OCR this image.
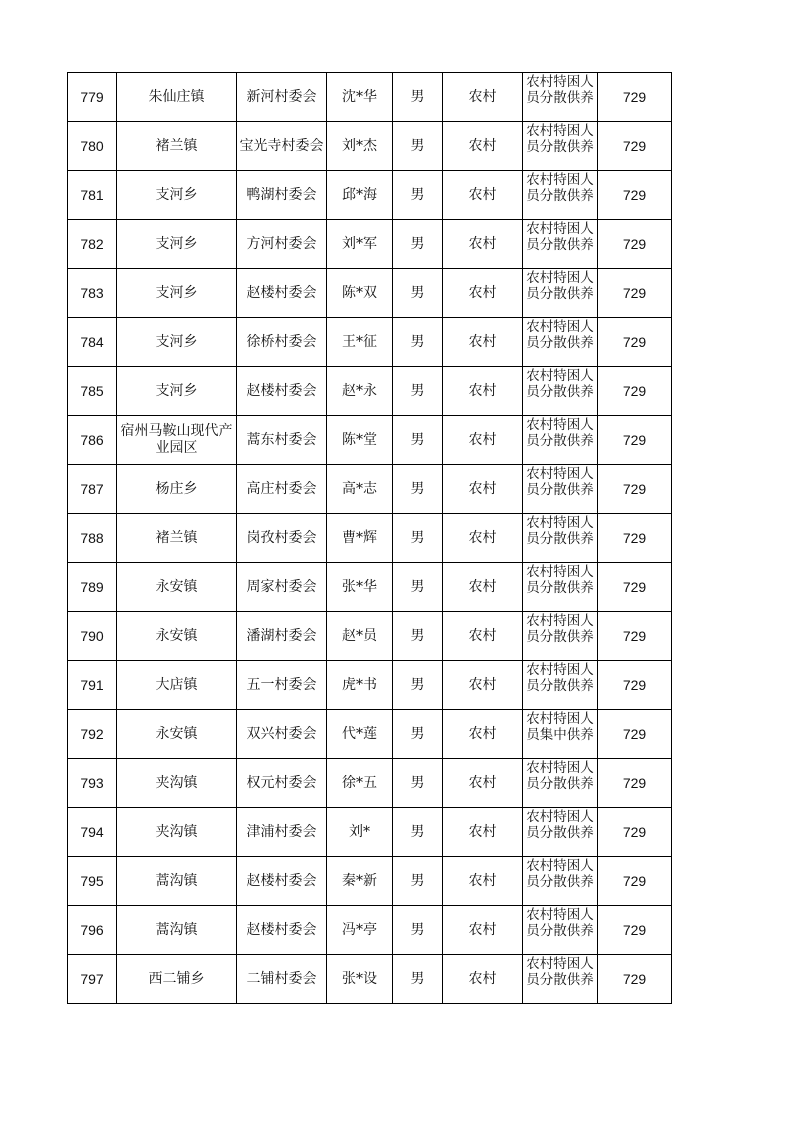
779	朱仙庄镇	新河村委会	沈*华	男	农村	农村特困人员分散供养	729
780	褚兰镇	宝光寺村委会	刘*杰	男	农村	农村特困人员分散供养	729
781	支河乡	鸭湖村委会	邱*海	男	农村	农村特困人员分散供养	729
782	支河乡	方河村委会	刘*军	男	农村	农村特困人员分散供养	729
783	支河乡	赵楼村委会	陈*双	男	农村	农村特困人员分散供养	729
784	支河乡	徐桥村委会	王*征	男	农村	农村特困人员分散供养	729
785	支河乡	赵楼村委会	赵*永	男	农村	农村特困人员分散供养	729
786	宿州马鞍山现代产业园区	蒿东村委会	陈*堂	男	农村	农村特困人员分散供养	729
787	杨庄乡	高庄村委会	高*志	男	农村	农村特困人员分散供养	729
788	褚兰镇	岗孜村委会	曹*辉	男	农村	农村特困人员分散供养	729
789	永安镇	周家村委会	张*华	男	农村	农村特困人员分散供养	729
790	永安镇	潘湖村委会	赵*员	男	农村	农村特困人员分散供养	729
791	大店镇	五一村委会	虎*书	男	农村	农村特困人员分散供养	729
792	永安镇	双兴村委会	代*莲	男	农村	农村特困人员集中供养	729
793	夹沟镇	权元村委会	徐*五	男	农村	农村特困人员分散供养	729
794	夹沟镇	津浦村委会	刘*	男	农村	农村特困人员分散供养	729
795	蒿沟镇	赵楼村委会	秦*新	男	农村	农村特困人员分散供养	729
796	蒿沟镇	赵楼村委会	冯*亭	男	农村	农村特困人员分散供养	729
797	西二铺乡	二铺村委会	张*设	男	农村	农村特困人员分散供养	729
